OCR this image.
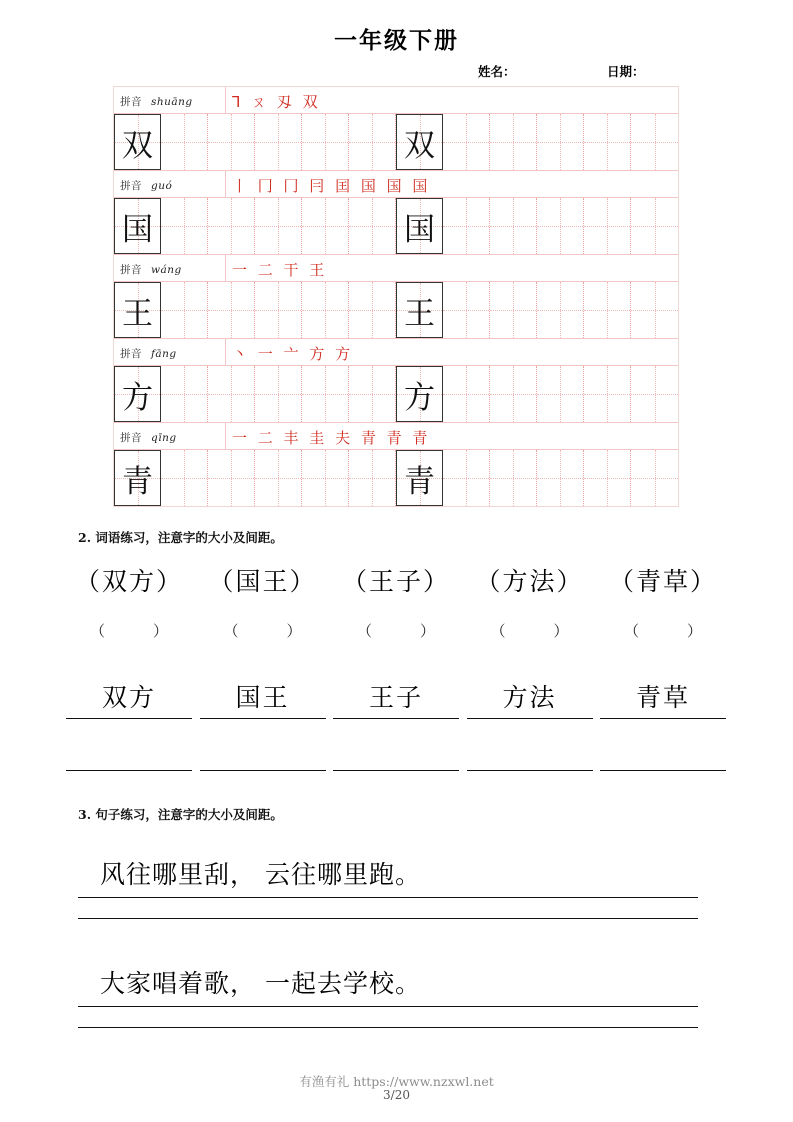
一年级下册
姓名：	日期：
拼音 shuāng	⅂ ㄡ 刄 双
双	双
拼音 guó	丨 冂 冂 冃 囯 国 国 国
国	国
拼音 wáng	一 二 干 王
王	王
拼音 fāng	丶 一 亠 方 方
方	方
拼音 qīng	一 二 丰 圭 夫 青 青 青
青	青
2. 词语练习，注意字的大小及间距。
（双方）	（国王）	（王子）	（方法）	（青草）
（	）	（	）	（	）	（	）	（	）
双方	国王	王子	方法	青草
3. 句子练习，注意字的大小及间距。
风往哪里刮， 云往哪里跑。
大家唱着歌， 一起去学校。
有渔有礼 https://www.nzxwl.net
3/20
